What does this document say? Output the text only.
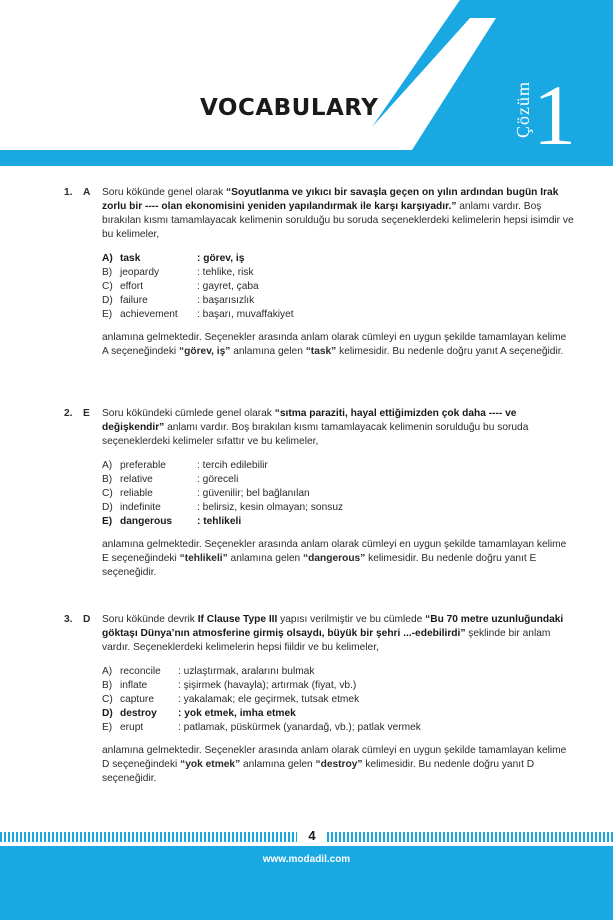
VOCABULARY	Çözüm 1
1.	A	Soru kökünde genel olarak “Soyutlanma ve yıkıcı bir savaşla geçen on yılın ardından bugün Irak zorlu bir ---- olan ekonomisini yeniden yapılandırmak ile karşı karşıyadır.” anlamı vardır. Boş bırakılan kısmı tamamlayacak kelimenin sorulduğu bu soruda seçeneklerdeki kelimelerin hepsi isimdir ve bu kelimeler,
A) task	: görev, iş
B) jeopardy	: tehlike, risk
C) effort	: gayret, çaba
D) failure	: başarısızlık
E) achievement	: başarı, muvaffakiyet
anlamına gelmektedir. Seçenekler arasında anlam olarak cümleyi en uygun şekilde tamamlayan kelime A seçeneğindeki “görev, iş” anlamına gelen “task” kelimesidir. Bu nedenle doğru yanıt A seçeneğidir.
2.	E	Soru kökündeki cümlede genel olarak “sıtma paraziti, hayal ettiğimizden çok daha ---- ve değişkendir” anlamı vardır. Boş bırakılan kısmı tamamlayacak kelimenin sorulduğu bu soruda seçeneklerdeki kelimeler sıfattır ve bu kelimeler,
A) preferable	: tercih edilebilir
B) relative	: göreceli
C) reliable	: güvenilir; bel bağlanılan
D) indefinite	: belirsiz, kesin olmayan; sonsuz
E) dangerous	: tehlikeli
anlamına gelmektedir. Seçenekler arasında anlam olarak cümleyi en uygun şekilde tamamlayan kelime E seçeneğindeki “tehlikeli” anlamına gelen “dangerous” kelimesidir. Bu nedenle doğru yanıt E seçeneğidir.
3.	D	Soru kökünde devrik If Clause Type III yapısı verilmiştir ve bu cümlede “Bu 70 metre uzunluğundaki göktaşı Dünya’nın atmosferine girmiş olsaydı, büyük bir şehri ...-edebilirdi” şeklinde bir anlam vardır. Seçeneklerdeki kelimelerin hepsi fiildir ve bu kelimeler,
A) reconcile	: uzlaştırmak, aralarını bulmak
B) inflate	: şişirmek (havayla); artırmak (fiyat, vb.)
C) capture	: yakalamak; ele geçirmek, tutsak etmek
D) destroy	: yok etmek, imha etmek
E) erupt	: patlamak, püskürmek (yanardağ, vb.); patlak vermek
anlamına gelmektedir. Seçenekler arasında anlam olarak cümleyi en uygun şekilde tamamlayan kelime D seçeneğindeki “yok etmek” anlamına gelen “destroy” kelimesidir. Bu nedenle doğru yanıt D seçeneğidir.
4
www.modadil.com
